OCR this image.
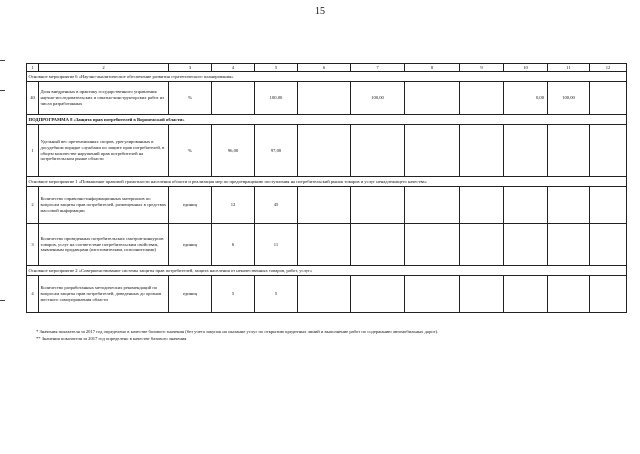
15
1	2	3	4	5	6	7	8	9	10	11	12
Основное мероприятие 6 «Научно-аналитическое обеспечение развития стратегического планирования»											
40	Доля внедренных в практику государственного управления научно-исследовательских и опытно-конструкторских работ из числа разработанных	%		100,00		100,00			0,00	100,00	
ПОДПРОГРАММА 8 «Защита прав потребителей в Воронежской области»											
1	Удельный вес претензионных споров, урегулированных в досудебном порядке службами по защите прав потребителей, в общем количестве нарушений прав потребителей на потребительском рынке области	%	96,00	97,00							
Основное мероприятие 1 «Повышение правовой грамотности населения области и реализация мер по предотвращению поступления на потребительский рынок товаров и услуг ненадлежащего качества»											
2	Количество справочно-информационных материалов по вопросам защиты прав потребителей, размещенных в средствах массовой информации	единиц	12	45							
3	Количество проведенных потребительских смотров-конкурсов товаров, услуг на соответствие потребительским свойствам, заявленным продавцами (изготовителями, исполнителями)	единиц	6	11							
Основное мероприятие 2 «Совершенствование системы защиты прав потребителей, защита населения от некачественных товаров, работ, услуг»											
4	Количество разработанных методических рекомендаций по вопросам защиты прав потребителей, доведенных до органов местного самоуправления области	единиц	5	5							
* Значения показателя за 2017 год определено в качестве базового значения (без учета закупок на оказание услуг по открытию кредитных линий и выполнение работ по содержанию автомобильных дорог).
** Значения показателя за 2017 год определено в качестве базового значения
